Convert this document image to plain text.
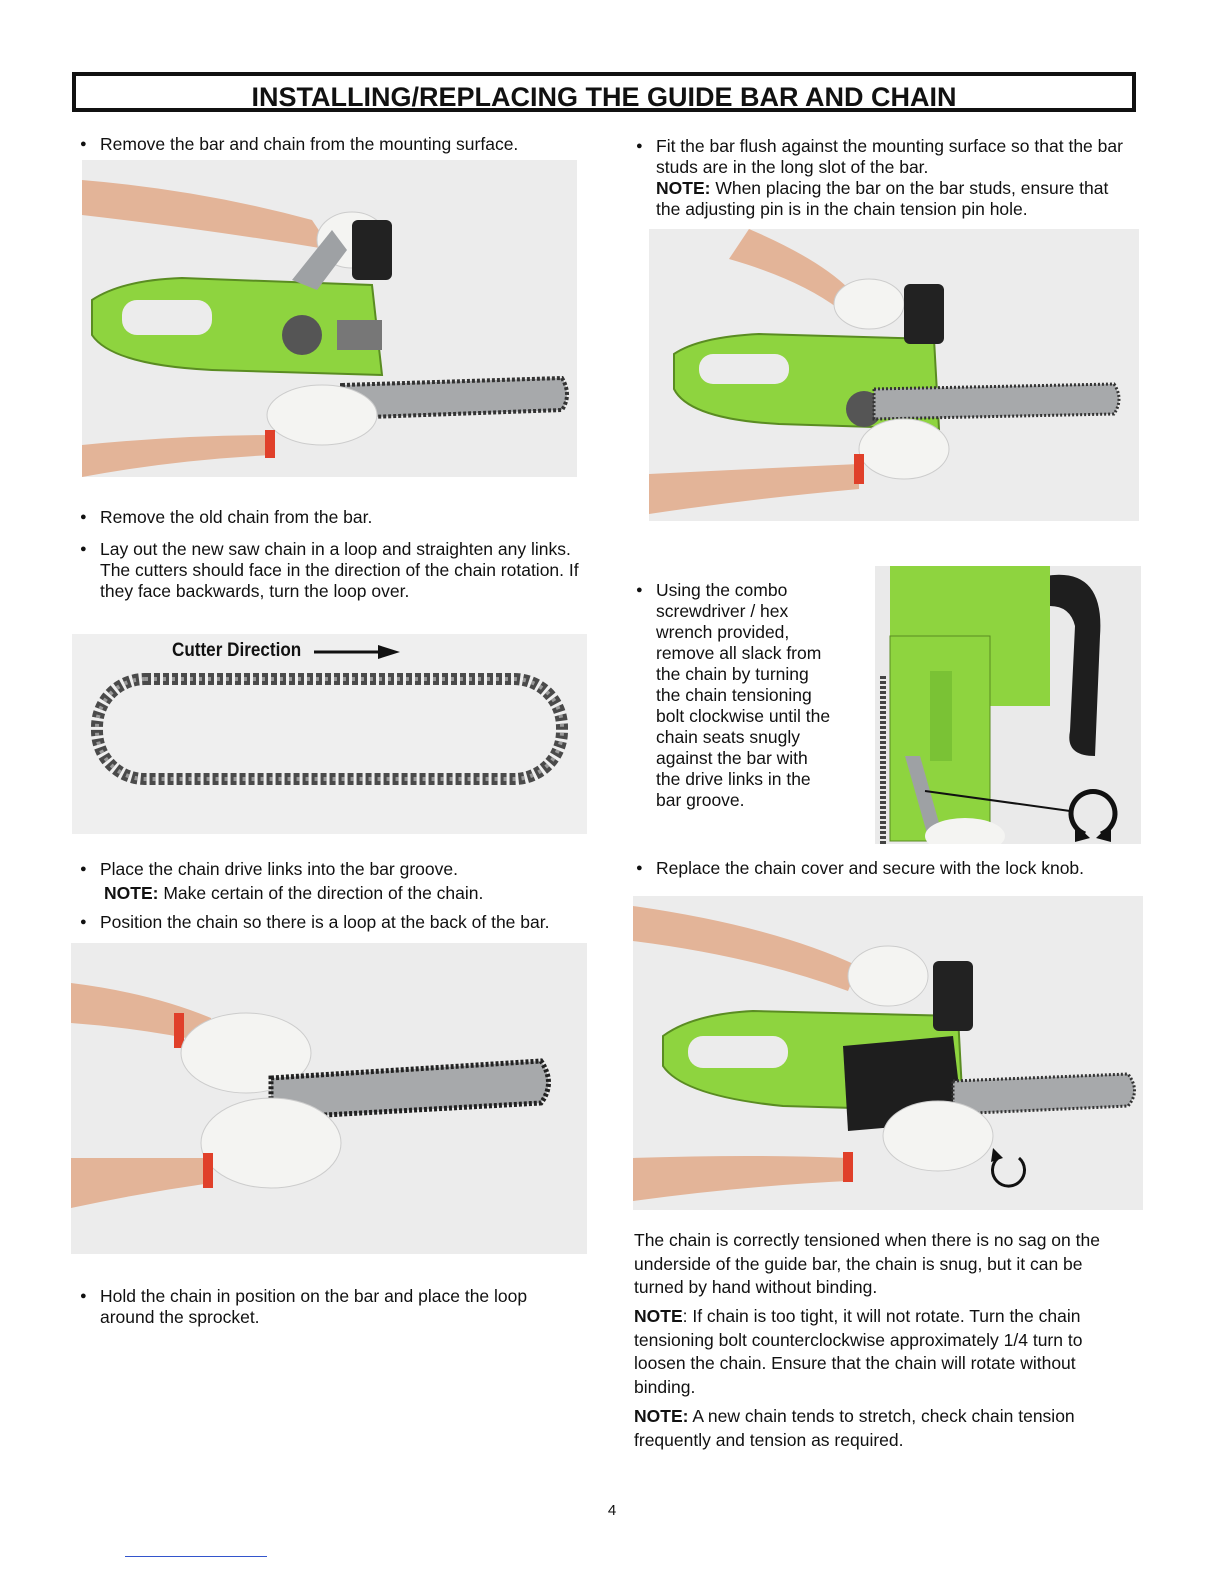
INSTALLING/REPLACING THE GUIDE BAR AND CHAIN
● Remove the bar and chain from the mounting surface.
● Remove the old chain from the bar.
● Lay out the new saw chain in a loop and straighten any links. The cutters should face in the direction of the chain rotation. If they face backwards, turn the loop over.
Cutter Direction
● Place the chain drive links into the bar groove.
NOTE: Make certain of the direction of the chain.
● Position the chain so there is a loop at the back of the bar.
● Hold the chain in position on the bar and place the loop around the sprocket.
● Fit the bar flush against the mounting surface so that the bar studs are in the long slot of the bar.
NOTE: When placing the bar on the bar studs, ensure that the adjusting pin is in the chain tension pin hole.
● Using the combo screwdriver / hex wrench provided, remove all slack from the chain by turning the chain tensioning bolt clockwise until the chain seats snugly against the bar with the drive links in the bar groove.
● Replace the chain cover and secure with the lock knob.
The chain is correctly tensioned when there is no sag on the underside of the guide bar, the chain is snug, but it can be turned by hand without binding.
NOTE: If chain is too tight, it will not rotate. Turn the chain tensioning bolt counterclockwise approximately 1/4 turn to loosen the chain. Ensure that the chain will rotate without binding.
NOTE: A new chain tends to stretch, check chain tension frequently and tension as required.
4
